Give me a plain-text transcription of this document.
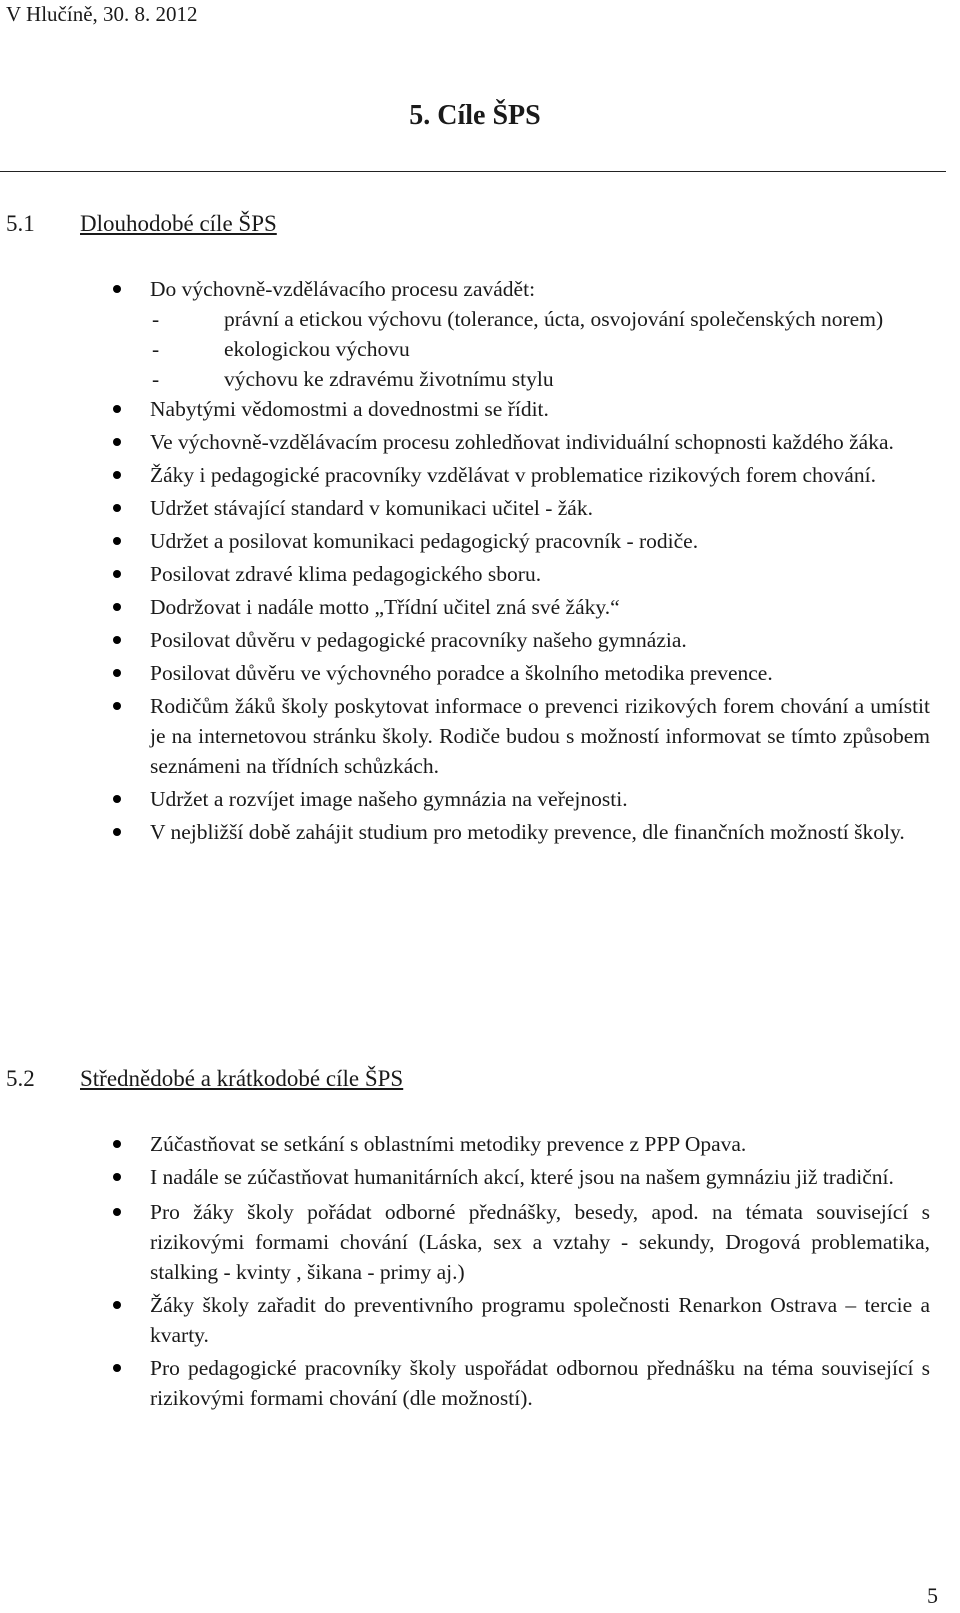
V Hlučíně, 30. 8. 2012
5. Cíle ŠPS
5.1 Dlouhodobé cíle ŠPS
Do výchovně-vzdělávacího procesu zavádět:
-	právní a etickou výchovu (tolerance, úcta, osvojování společenských norem)
-	ekologickou výchovu
-	výchovu ke zdravému životnímu stylu
Nabytými vědomostmi a dovednostmi se řídit.
Ve výchovně-vzdělávacím procesu zohledňovat individuální schopnosti každého žáka.
Žáky i pedagogické pracovníky vzdělávat v problematice rizikových forem chování.
Udržet stávající standard v komunikaci učitel - žák.
Udržet a posilovat komunikaci pedagogický pracovník - rodiče.
Posilovat zdravé klima pedagogického sboru.
Dodržovat i nadále motto „Třídní učitel zná své žáky.“
Posilovat důvěru v pedagogické pracovníky našeho gymnázia.
Posilovat důvěru ve výchovného poradce a školního metodika prevence.
Rodičům žáků školy poskytovat informace o prevenci rizikových forem chování a umístit je na internetovou stránku školy. Rodiče budou s možností informovat se tímto způsobem seznámeni na třídních schůzkách.
Udržet a rozvíjet image našeho gymnázia na veřejnosti.
V nejbližší době zahájit studium pro metodiky prevence, dle finančních možností školy.
5.2 Střednědobé a krátkodobé cíle ŠPS
Zúčastňovat se setkání s oblastními metodiky prevence z PPP Opava.
I nadále se zúčastňovat humanitárních akcí, které jsou na našem gymnáziu již tradiční.
Pro žáky školy pořádat odborné přednášky, besedy, apod. na témata související s rizikovými formami chování (Láska, sex a vztahy - sekundy, Drogová problematika, stalking - kvinty , šikana - primy aj.)
Žáky školy zařadit do preventivního programu společnosti Renarkon Ostrava – tercie a kvarty.
Pro pedagogické pracovníky školy uspořádat odbornou přednášku na téma související s rizikovými formami chování (dle možností).
5
